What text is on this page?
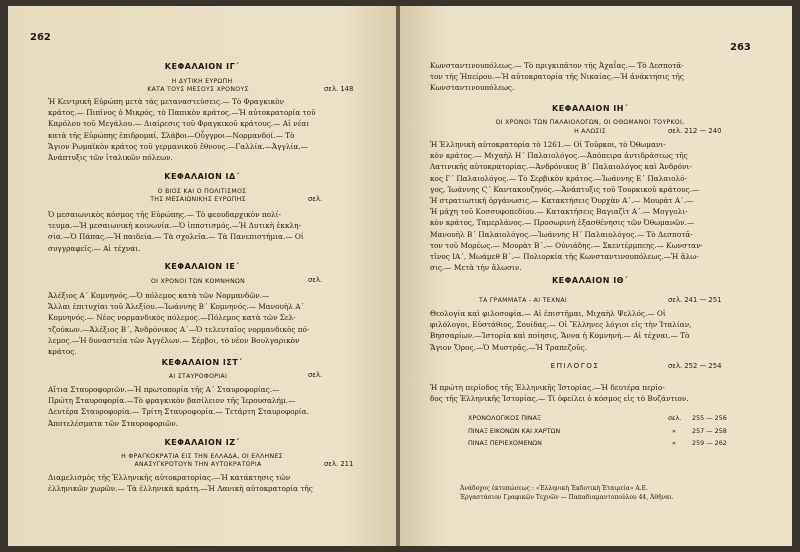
262
ΚΕΦΑΛΑΙΟΝ ΙΓ΄
Η ΔΥΤΙΚΗ ΕΥΡΩΠΗ
ΚΑΤΑ ΤΟΥΣ ΜΕΣΟΥΣ ΧΡΟΝΟΥΣ	σελ. 148
Ἡ Κεντρικὴ Εὐρώπη μετὰ τὰς μεταναστεύσεις.— Τὸ Φραγκικὸν
κράτος.— Πιπῖνος ὁ Μικρός, τὸ Παπικὸν κράτος.—Ἡ αὐτοκρατορία τοῦ
Καρόλου τοῦ Μεγάλου.— Διαίρεσις τοῦ Φραγκικοῦ κράτους.— Αἱ νέαι
κατὰ τῆς Εὐρώπης ἐπιδρομαί, Σλάβοι—Οὖγγροι—Νορμανδοί.— Τὸ
Ἅγιον Ρωμαϊκὸν κράτος τοῦ γερμανικοῦ ἔθνους.—Γαλλία.—Ἀγγλία.—
Ἀνάπτυξις τῶν ἰταλικῶν πόλεων.
ΚΕΦΑΛΑΙΟΝ ΙΔ΄
Ο ΒΙΟΣ ΚΑΙ Ο ΠΟΛΙΤΙΣΜΟΣ
ΤΗΣ ΜΕΣΑΙΩΝΙΚΗΣ ΕΥΡΩΠΗΣ	σελ.
Ὁ μεσαιωνικὸς κόσμος τῆς Εὐρώπης.— Τὸ φεουδαρχικὸν πολί-
τευμα.—Ἡ μεσαιωνικὴ κοινωνία.—Ὁ ἱπποτισμός.—Ἡ Δυτικὴ ἐκκλη-
σία.—Ὁ Πάπας.—Ἡ παιδεία.— Τὰ σχολεῖα.— Τὰ Πανεπιστήμια.— Οἱ
συγγραφεῖς.— Αἱ τέχναι.
ΚΕΦΑΛΑΙΟΝ ΙΕ΄
ΟΙ ΧΡΟΝΟΙ ΤΩΝ ΚΟΜΝΗΝΩΝ	σελ.
Ἀλέξιος Α΄ Κομνηνός.—Ὁ πόλεμος κατὰ τῶν Νορμανδῶν.—
Ἄλλαι ἐπιτυχίαι τοῦ Ἀλεξίου.—Ἰωάννης Β΄ Κομνηνός.— Μανουὴλ Α΄
Κομνηνός.— Νέος νορμανδικὸς πόλεμος.—Πόλεμος κατὰ τῶν Σελ-
τζούκων.—Ἀλέξιος Β΄, Ἀνδρόνικος Α΄—Ὁ τελευταῖος νορμανδικὸς πό-
λεμος.—Ἡ δυναστεία τῶν Ἀγγέλων.— Σέρβοι, τὸ νέον Βουλγαρικὸν
κράτος.
ΚΕΦΑΛΑΙΟΝ ΙΣΤ΄
ΑΙ ΣΤΑΥΡΟΦΟΡΙΑΙ	σελ.
Αἴτια Σταυροφοριῶν.—Ἡ πρωτοπορία τῆς Α΄ Σταυροφορίας.—
Πρώτη Σταυροφορία.—Τὸ φραγκικὸν βασίλειον τῆς Ἱερουσαλήμ.—
Δευτέρα Σταυροφορία.— Τρίτη Σταυροφορία.— Τετάρτη Σταυροφορία.
Ἀποτελέσματα τῶν Σταυροφοριῶν.
ΚΕΦΑΛΑΙΟΝ ΙΖ΄
Η ΦΡΑΓΚΟΚΡΑΤΙΑ ΕΙΣ ΤΗΝ ΕΛΛΑΔΑ, ΟΙ ΕΛΛΗΝΕΣ
ΑΝΑΣΥΓΚΡΟΤΟΥΝ ΤΗΝ ΑΥΤΟΚΡΑΤΟΡΙΑ	σελ. 211
Διαμελισμὸς τῆς Ἑλληνικῆς αὐτοκρατορίας.—Ἡ κατάκτησις τῶν
ἑλληνικῶν χωρῶν.— Τὰ ἑλληνικὰ κράτη.—Ἡ Λανικὴ αὐτοκρατορία τῆς
263
Κωνσταντινουπόλεως.— Τὸ πριγκιπᾶτον τῆς Ἀχαΐας.— Τὸ Δεσποτᾶ-
τον τῆς Ἠπείρου.—Ἡ αὐτοκρατορία τῆς Νικαίας.—Ἡ ἀνάκτησις τῆς
Κωνσταντινουπόλεως.
ΚΕΦΑΛΑΙΟΝ ΙΗ΄
ΟΙ ΧΡΟΝΟΙ ΤΩΝ ΠΑΛΑΙΟΛΟΓΩΝ, ΟΙ ΟΘΩΜΑΝΟΙ ΤΟΥΡΚΟΙ,
Η ΑΛΩΣΙΣ	σελ. 212 — 240
Ἡ Ἑλληνικὴ αὐτοκρατορία τὸ 1261.— Οἱ Τοῦρκοι, τὸ Ὀθωμανι-
κὸν κράτος.— Μιχαὴλ Η΄ Παλαιολόγος.—Ἀπόπειρα ἀντιδράσεως τῆς
Λατινικῆς αὐτοκρατορίας.—Ἀνδρόνικος Β΄ Παλαιολόγος καὶ Ἀνδρόνι-
κος Γ΄ Παλαιολόγος.— Τὸ Σερβικὸν κράτος.—Ἰωάννης Ε΄ Παλαιολό-
γος, Ἰωάννης Ϛ΄ Καντακουζηνός.—Ἀνάπτυξις τοῦ Τουρκικοῦ κράτους.—
Ἡ στρατιωτικὴ ὀργάνωσις.— Κατακτήσεις Ὀυρχὰν Α΄.— Μουρὰτ Α΄.—
Ἡ μάχη τοῦ Κοσσυφοπεδίου.— Κατακτήσεις Βαγιαζὶτ Α΄.— Μογγολι-
κὸν κράτος, Ταμερλάνος.— Προσωρινὴ ἐξασθένησις τῶν Ὀθωμανῶν.—
Μανουὴλ Β΄ Παλαιολόγος.—Ἰωάννης Η΄ Παλαιολόγος.— Τὸ Δεσποτᾶ-
τον τοῦ Μορέως.— Μουρὰτ Β΄.— Οὐνιάδης.— Σκεντέρμπεης.— Κωνσταν-
τῖνος ΙΑ΄, Μωάμεθ Β΄.— Πολιορκία τῆς Κωνσταντινουπόλεως.—Ἡ ἅλω-
σις.— Μετὰ τὴν ἅλωσιν.
ΚΕΦΑΛΑΙΟΝ ΙΘ΄
ΤΑ ΓΡΑΜΜΑΤΑ - ΑΙ ΤΕΧΝΑΙ	σελ. 241 — 251
Θεολογία καὶ φιλοσοφία.— Αἱ ἐπιστῆμαι, Μιχαὴλ Ψελλός.— Οἱ
φιλόλογοι, Εὐστάθιος, Σουίδας.— Οἱ Ἕλληνες λόγιοι εἰς τὴν Ἰταλίαν,
Βησσαρίων.—Ἱστορία καὶ ποίησις, Ἄννα ἡ Κομνηνή.— Αἱ τέχναι.— Τὸ
Ἅγιον Ὄρος.—Ὁ Μυστρᾶς.—Ἡ Τραπεζοῦς.
ΕΠΙΛΟΓΟΣ	σελ. 252 — 254
Ἡ πρώτη περίοδος τῆς Ἑλληνικῆς Ἱστορίας.—Ἡ δευτέρα περίο-
δος τῆς Ἑλληνικῆς Ἱστορίας.— Τί ὀφείλει ὁ κόσμος εἰς τὸ Βυζάντιον.
ΧΡΟΝΟΛΟΓΙΚΟΣ ΠΙΝΑΞ	σελ. 255 — 256
ΠΙΝΑΞ ΕΙΚΟΝΩΝ ΚΑΙ ΧΑΡΤΩΝ	»	257 — 258
ΠΙΝΑΞ ΠΕΡΙΕΧΟΜΕΝΩΝ	»	259 — 262
Ἀνάδοχος ἐκτυπώσεως : «Ἑλληνικὴ Ἐκδοτικὴ Ἑταιρεία» Α.Ε.
Ἐργαστάσιον Γραφικῶν Τεχνῶν — Παπαδιαμαντοπούλου 44, Ἀθῆναι.
